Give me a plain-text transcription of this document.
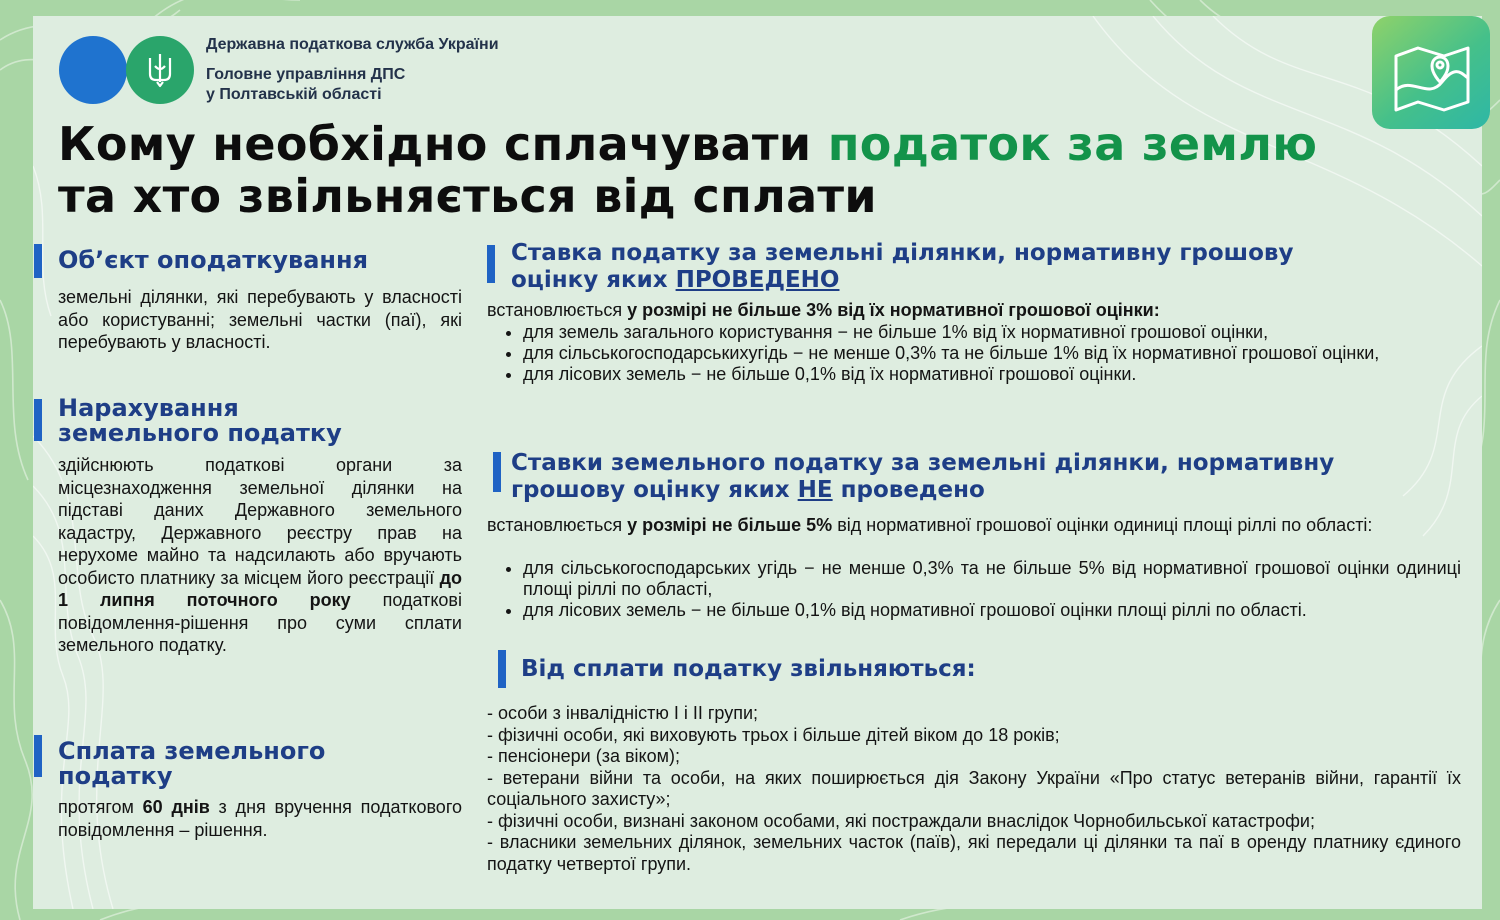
Державна податкова служба України
Головне управління ДПС
у Полтавській області
Кому необхідно сплачувати податок за землю
та хто звільняється від сплати
Об’єкт оподаткування
земельні ділянки, які перебувають у власності або користуванні; земельні частки (паї), які перебувають у власності.
Нарахування
земельного податку
здійснюють податкові органи за місцезнаходження земельної ділянки на підставі даних Державного земельного кадастру, Державного реєстру прав на нерухоме майно та надсилають або вручають особисто платнику за місцем його реєстрації до 1 липня поточного року податкові повідомлення-рішення про суми сплати земельного податку.
Сплата земельного
податку
протягом 60 днів з дня вручення податкового повідомлення – рішення.
Ставка податку за земельні ділянки, нормативну грошову
оцінку яких ПРОВЕДЕНО
встановлюється у розмірі не більше 3% від їх нормативної грошової оцінки:
• для земель загального користування − не більше 1% від їх нормативної грошової оцінки,
• для сільськогосподарськихугідь − не менше 0,3% та не більше 1% від їх нормативної грошової оцінки,
• для лісових земель − не більше 0,1% від їх нормативної грошової оцінки.
Ставки земельного податку за земельні ділянки, нормативну
грошову оцінку яких НЕ проведено
встановлюється у розмірі не більше 5% від нормативної грошової оцінки одиниці площі ріллі по області:
• для сільськогосподарських угідь − не менше 0,3% та не більше 5% від нормативної грошової оцінки одиниці площі ріллі по області,
• для лісових земель − не більше 0,1% від нормативної грошової оцінки площі ріллі по області.
Від сплати податку звільняються:

- особи з інвалідністю І і ІІ групи;

- фізичні особи, які виховують трьох і більше дітей віком до 18 років;

- пенсіонери (за віком);

- ветерани війни та особи, на яких поширюється дія Закону України «Про статус ветеранів війни, гарантії їх соціального захисту»;

- фізичні особи, визнані законом особами, які постраждали внаслідок Чорнобильської катастрофи;

- власники земельних ділянок, земельних часток (паїв), які передали ці ділянки та паї в оренду платнику єдиного податку четвертої групи.
